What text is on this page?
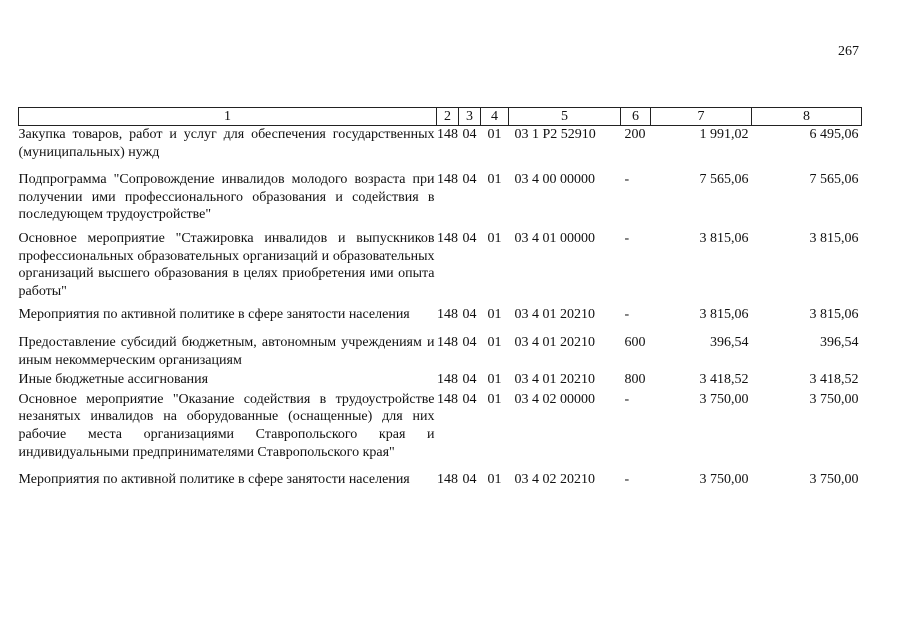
267
1	2	3	4	5	6	7	8
Закупка товаров, работ и услуг для обеспечения государственных (муниципальных) нужд	148	04	01	03 1 P2 52910	200	1 991,02	6 495,06
Подпрограмма "Сопровождение инвалидов молодого возраста при получении ими профессионального образования и содействия в последующем трудоустройстве"	148	04	01	03 4 00 00000	-	7 565,06	7 565,06
Основное мероприятие "Стажировка инвалидов и выпускников профессиональных образовательных организаций и образовательных организаций высшего образования в целях приобретения ими опыта работы"	148	04	01	03 4 01 00000	-	3 815,06	3 815,06
Мероприятия по активной политике в сфере занятости населения	148	04	01	03 4 01 20210	-	3 815,06	3 815,06
Предоставление субсидий бюджетным, автономным учреждениям и иным некоммерческим организациям	148	04	01	03 4 01 20210	600	396,54	396,54
Иные бюджетные ассигнования	148	04	01	03 4 01 20210	800	3 418,52	3 418,52
Основное мероприятие "Оказание содействия в трудоустройстве незанятых инвалидов на оборудованные (оснащенные) для них рабочие места организациями Ставропольского края и индивидуальными предпринимателями Ставропольского края"	148	04	01	03 4 02 00000	-	3 750,00	3 750,00
Мероприятия по активной политике в сфере занятости населения	148	04	01	03 4 02 20210	-	3 750,00	3 750,00
